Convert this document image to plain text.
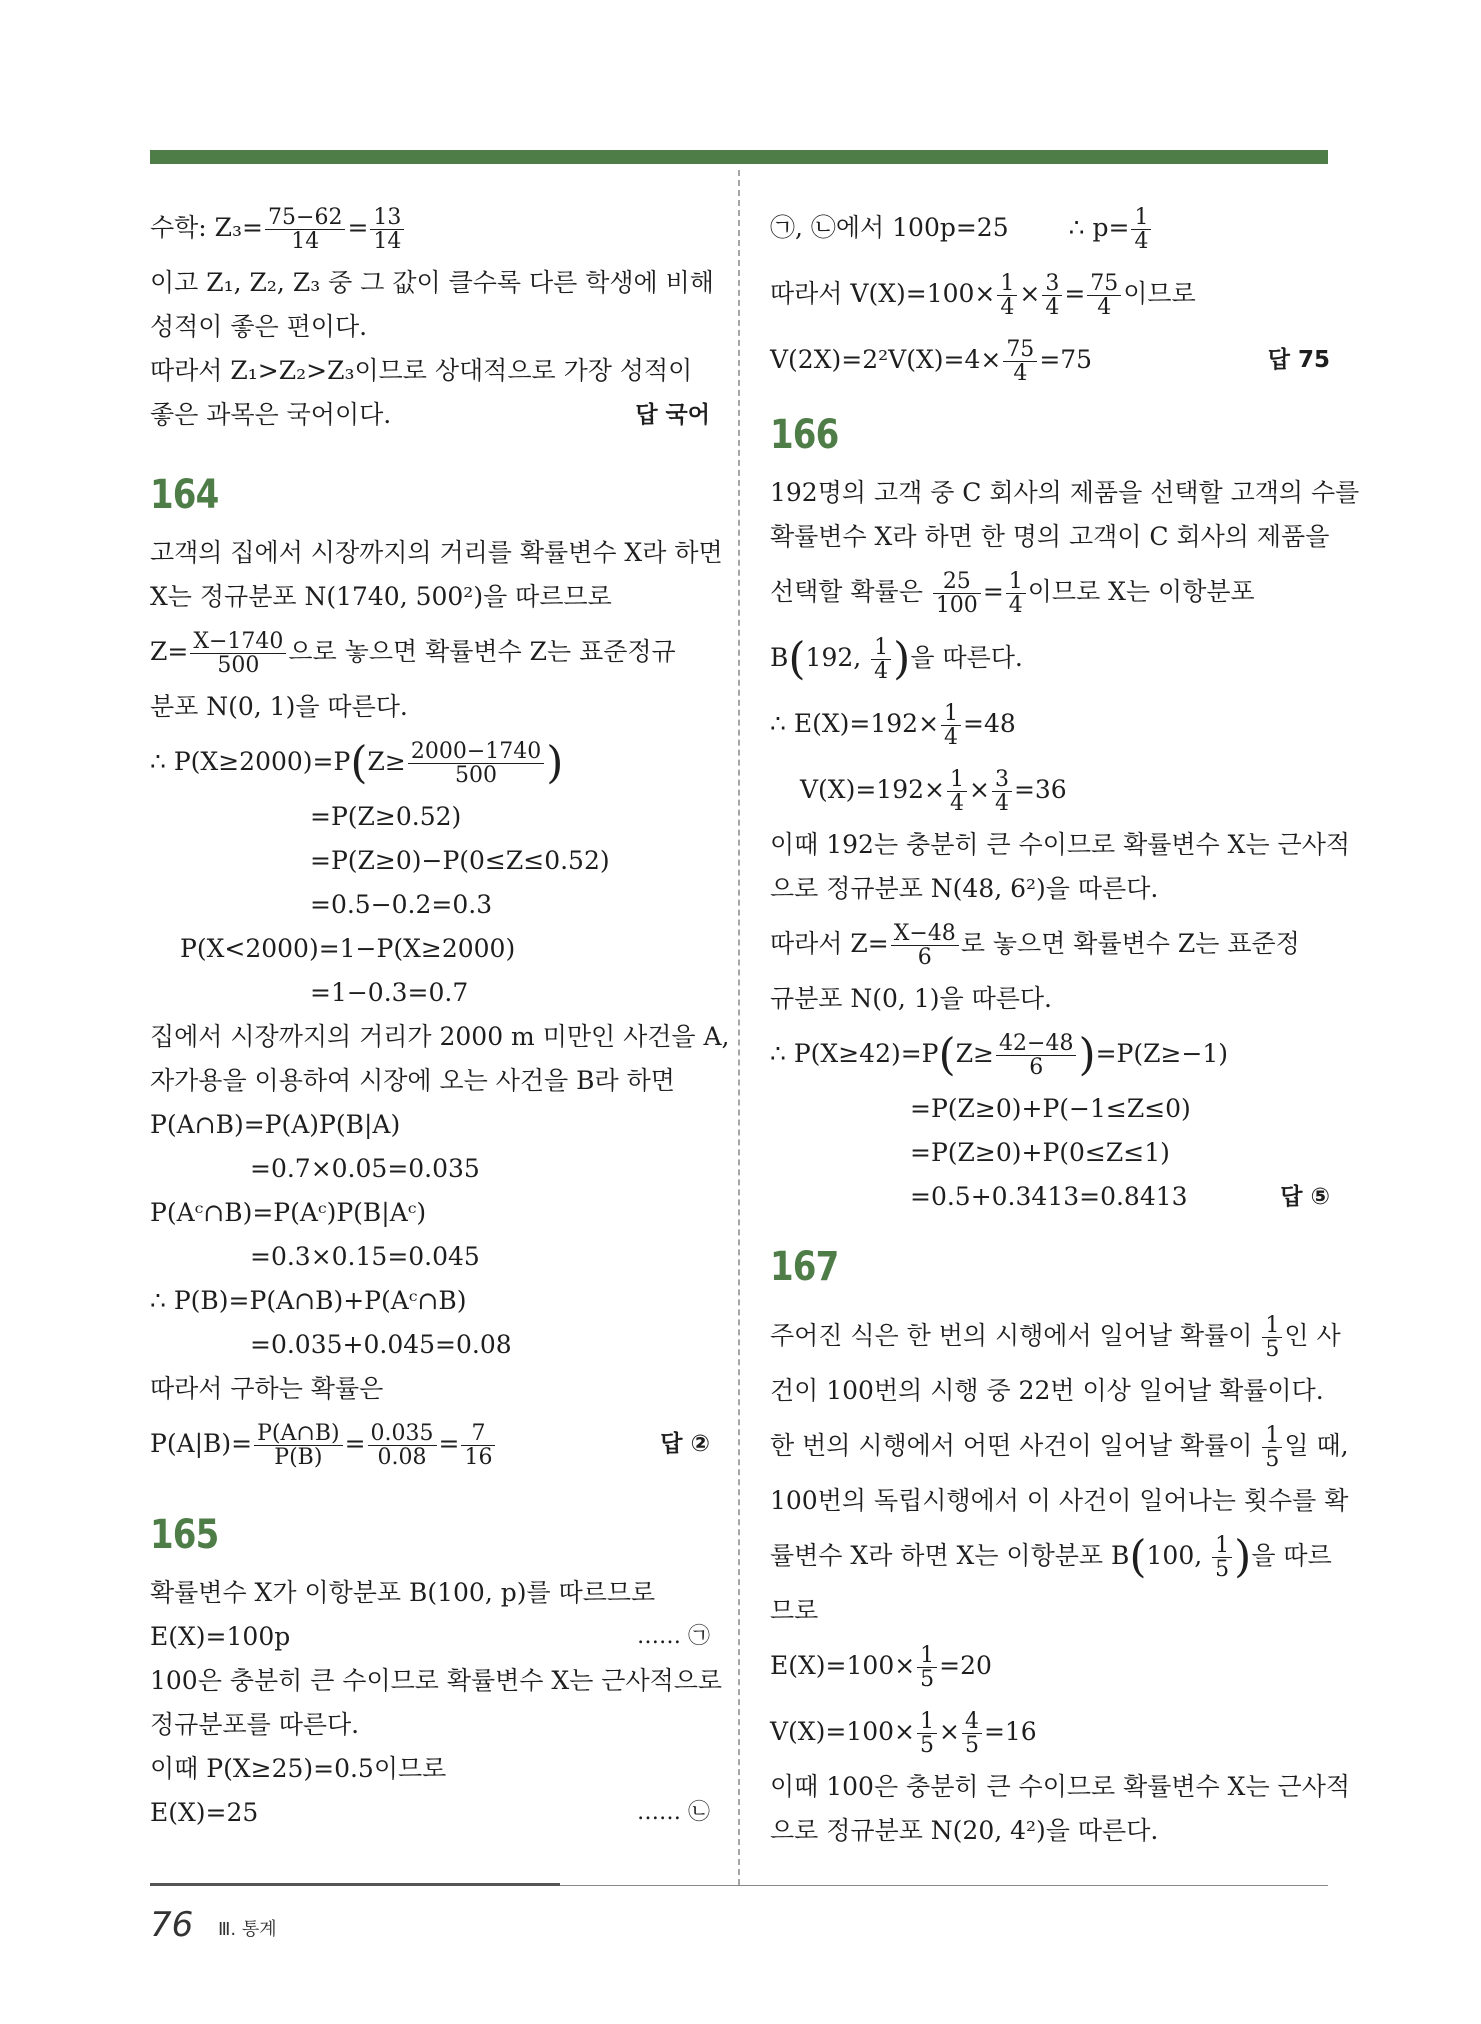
수학: $Z_3= \frac{75-62}{14} = \frac{13}{14}$
이고 Z₁, Z₂, Z₃ 중 그 값이 클수록 다른 학생에 비해
성적이 좋은 편이다.
따라서 Z₁>Z₂>Z₃이므로 상대적으로 가장 성적이
좋은 과목은 국어이다.	답 국어
164
고객의 집에서 시장까지의 거리를 확률변수 X라 하면
X는 정규분포 N(1740, 500²)을 따르므로
$Z= \frac{X-1740}{500}$ 으로 놓으면 확률변수 Z는 표준정규
분포 N(0, 1)을 따른다.
∴ $P(X\ge 2000)=P(Z\ge \frac{2000-1740}{500}$ )
=P(Z≥0.52)
=P(Z≥0)−P(0≤Z≤0.52)
=0.5−0.2=0.3
P(X<2000)=1−P(X≥2000)
=1−0.3=0.7
집에서 시장까지의 거리가 2000 m 미만인 사건을 A,
자가용을 이용하여 시장에 오는 사건을 B라 하면
P(A∩B)=P(A)P(B|A)
=0.7×0.05=0.035
P(Aᶜ∩B)=P(Aᶜ)P(B|Aᶜ)
=0.3×0.15=0.045
∴ P(B)=P(A∩B)+P(Aᶜ∩B)
=0.035+0.045=0.08
따라서 구하는 확률은
$P(A|B)= \frac{P(A\cap B)}{P(B)} = \frac{0.035}{0.08} = \frac{7}{16}$	답 ②
165
확률변수 X가 이항분포 B(100, p)를 따르므로
E(X)=100p	…… ㉠
100은 충분히 큰 수이므로 확률변수 X는 근사적으로
정규분포를 따른다.
이때 P(X≥25)=0.5이므로
E(X)=25	…… ㉡
㉠, ㉡에서 100p=25 ∴ $p= \frac{1}{4}$
따라서 $V(X)=100\times \frac{1}{4} \times \frac{3}{4} = \frac{75}{4}$ 이므로
$V(2X)=2^2V(X)=4\times \frac{75}{4} =75$	답 75
166
192명의 고객 중 C 회사의 제품을 선택할 고객의 수를
확률변수 X라 하면 한 명의 고객이 C 회사의 제품을
선택할 확률은 $\frac{25}{100} = \frac{1}{4}$ 이므로 X는 이항분포
B(192, $\frac{1}{4}$ )을 따른다.
∴ $E(X)=192\times \frac{1}{4} =48$
$V(X)=192\times \frac{1}{4} \times \frac{3}{4} =36$
이때 192는 충분히 큰 수이므로 확률변수 X는 근사적
으로 정규분포 N(48, 6²)을 따른다.
따라서 $Z= \frac{X-48}{6}$ 로 놓으면 확률변수 Z는 표준정
규분포 N(0, 1)을 따른다.
∴ $P(X\ge 42)=P(Z\ge \frac{42-48}{6} )=P(Z\ge-1)$
=P(Z≥0)+P(−1≤Z≤0)
=P(Z≥0)+P(0≤Z≤1)
=0.5+0.3413=0.8413	답 ⑤
167
주어진 식은 한 번의 시행에서 일어날 확률이 $\frac{1}{5}$ 인 사
건이 100번의 시행 중 22번 이상 일어날 확률이다.
한 번의 시행에서 어떤 사건이 일어날 확률이 $\frac{1}{5}$ 일 때,
100번의 독립시행에서 이 사건이 일어나는 횟수를 확
률변수 X라 하면 X는 이항분포 B(100, $\frac{1}{5}$ )을 따르
므로
$E(X)=100\times \frac{1}{5} =20$
$V(X)=100\times \frac{1}{5} \times \frac{4}{5} =16$
이때 100은 충분히 큰 수이므로 확률변수 X는 근사적
으로 정규분포 N(20, 4²)을 따른다.
76 Ⅲ. 통계
